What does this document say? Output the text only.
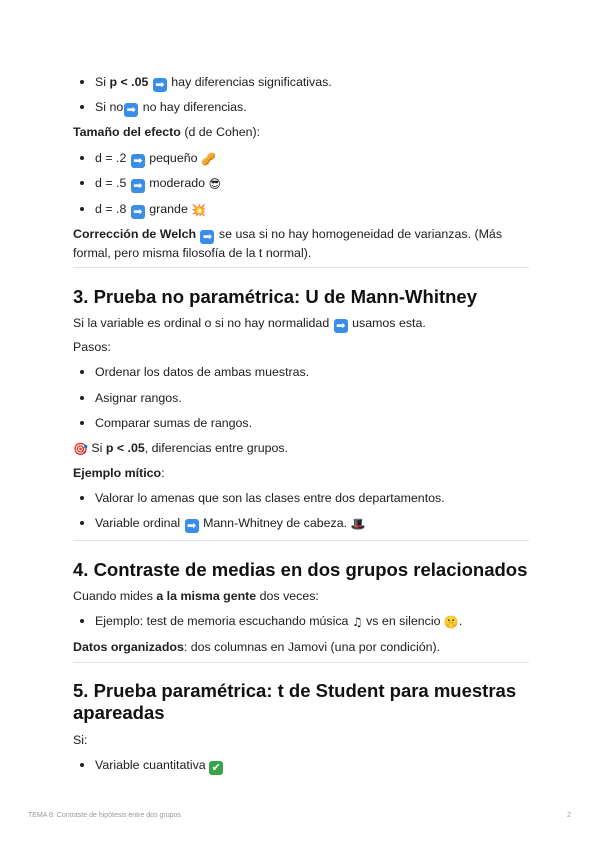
Si p < .05 ➡ hay diferencias significativas.
Si no ➡ no hay diferencias.

Tamaño del efecto (d de Cohen):

d = .2 ➡ pequeño 🥜
d = .5 ➡ moderado 😎
d = .8 ➡ grande 💥

Corrección de Welch ➡ se usa si no hay homogeneidad de varianzas. (Más formal, pero misma filosofía de la t normal).

3. Prueba no paramétrica: U de Mann-Whitney

Si la variable es ordinal o si no hay normalidad ➡ usamos esta.

Pasos:

Ordenar los datos de ambas muestras.
Asignar rangos.
Comparar sumas de rangos.

🎯 Si p < .05, diferencias entre grupos.

Ejemplo mítico:

Valorar lo amenas que son las clases entre dos departamentos.
Variable ordinal ➡ Mann-Whitney de cabeza. 🎩
4. Contraste de medias en dos grupos relacionados

Cuando mides a la misma gente dos veces:

Ejemplo: test de memoria escuchando música ♫ vs en silencio 🤫.

Datos organizados: dos columnas en Jamovi (una por condición).

5. Prueba paramétrica: t de Student para muestras apareadas

Si:

Variable cuantitativa ✔
TEMA 8: Contraste de hipótesis entre dos grupos	2
